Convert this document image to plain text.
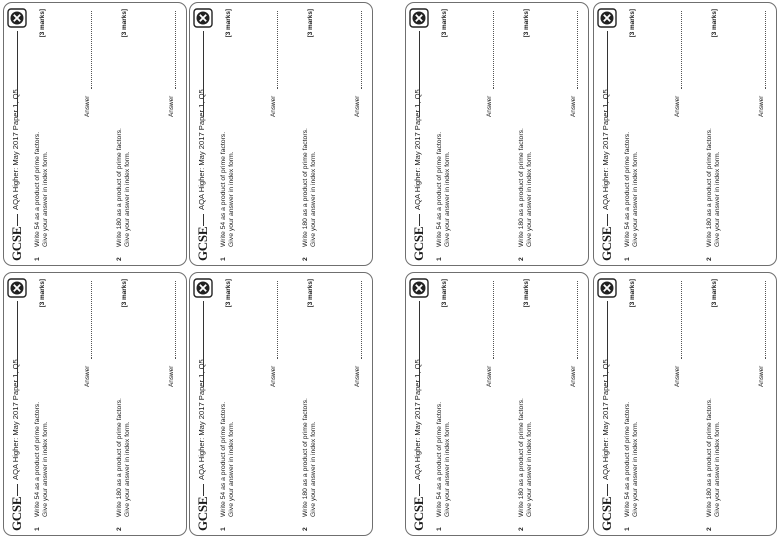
GCSE
AQA Higher: May 2017 Paper 1, Q5
1
Write 54 as a product of prime factors. Give your answer in index form.
[3 marks]
Answer
2
Write 180 as a product of prime factors. Give your answer in index form.
[3 marks]
Answer
GCSE
AQA Higher: May 2017 Paper 1, Q5
1
Write 54 as a product of prime factors. Give your answer in index form.
[3 marks]
Answer
2
Write 180 as a product of prime factors. Give your answer in index form.
[3 marks]
Answer
GCSE
AQA Higher: May 2017 Paper 1, Q5
1
Write 54 as a product of prime factors. Give your answer in index form.
[3 marks]
Answer
2
Write 180 as a product of prime factors. Give your answer in index form.
[3 marks]
Answer
GCSE
AQA Higher: May 2017 Paper 1, Q5
1
Write 54 as a product of prime factors. Give your answer in index form.
[3 marks]
Answer
2
Write 180 as a product of prime factors. Give your answer in index form.
[3 marks]
Answer
GCSE
AQA Higher: May 2017 Paper 1, Q5
1
Write 54 as a product of prime factors. Give your answer in index form.
[3 marks]
Answer
2
Write 180 as a product of prime factors. Give your answer in index form.
[3 marks]
Answer
GCSE
AQA Higher: May 2017 Paper 1, Q5
1
Write 54 as a product of prime factors. Give your answer in index form.
[3 marks]
Answer
2
Write 180 as a product of prime factors. Give your answer in index form.
[3 marks]
Answer
GCSE
AQA Higher: May 2017 Paper 1, Q5
1
Write 54 as a product of prime factors. Give your answer in index form.
[3 marks]
Answer
2
Write 180 as a product of prime factors. Give your answer in index form.
[3 marks]
Answer
GCSE
AQA Higher: May 2017 Paper 1, Q5
1
Write 54 as a product of prime factors. Give your answer in index form.
[3 marks]
Answer
2
Write 180 as a product of prime factors. Give your answer in index form.
[3 marks]
Answer
